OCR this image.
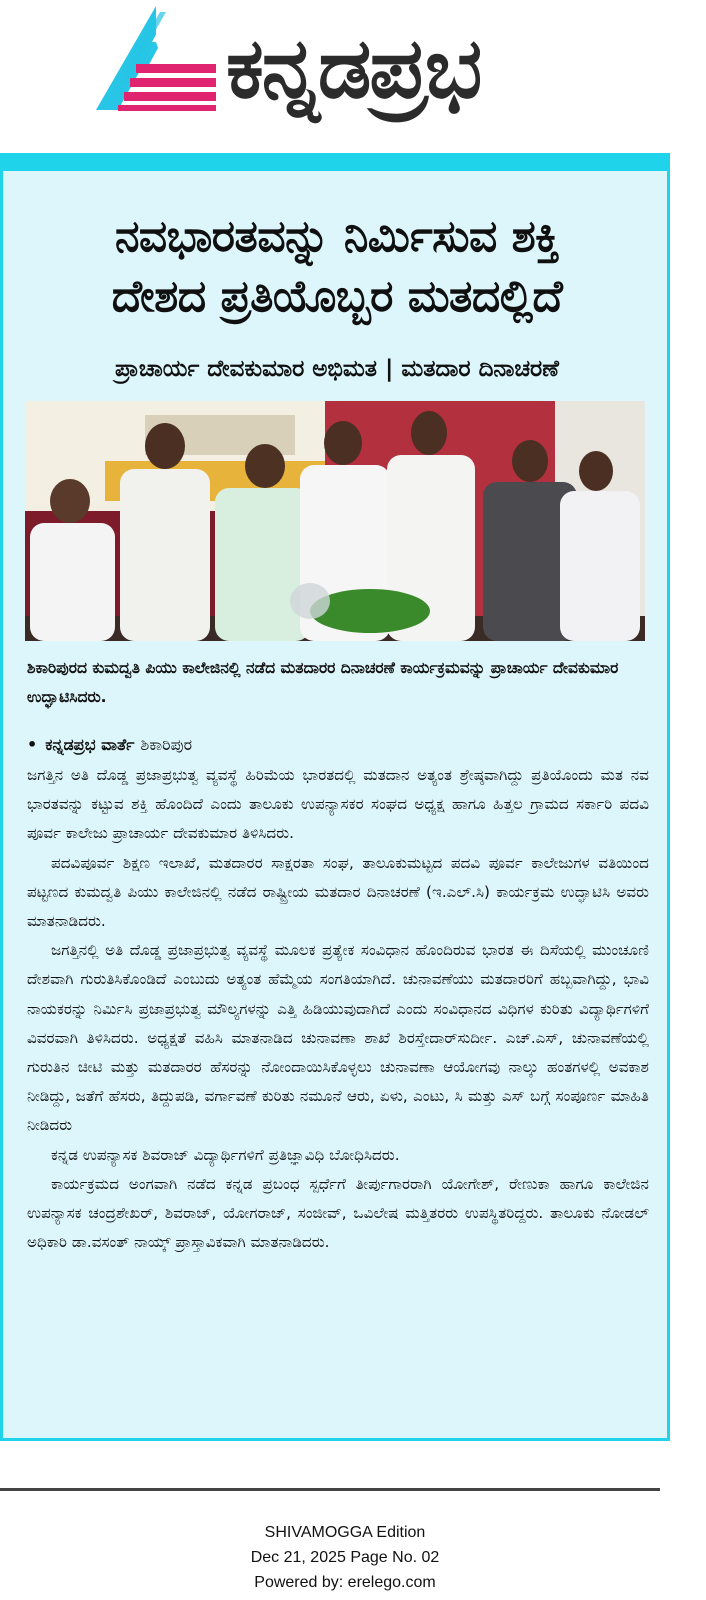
ಕನ್ನಡಪ್ರಭ
ನವಭಾರತವನ್ನು ನಿರ್ಮಿಸುವ ಶಕ್ತಿ
ದೇಶದ ಪ್ರತಿಯೊಬ್ಬರ ಮತದಲ್ಲಿದೆ
ಪ್ರಾಚಾರ್ಯ ದೇವಕುಮಾರ ಅಭಿಮತ | ಮತದಾರ ದಿನಾಚರಣೆ
ಶಿಕಾರಿಪುರದ ಕುಮದ್ವತಿ ಪಿಯು ಕಾಲೇಜಿನಲ್ಲಿ ನಡೆದ ಮತದಾರರ ದಿನಾಚರಣೆ ಕಾರ್ಯಕ್ರಮವನ್ನು ಪ್ರಾಚಾರ್ಯ ದೇವಕುಮಾರ ಉದ್ಘಾಟಿಸಿದರು.
• ಕನ್ನಡಪ್ರಭ ವಾರ್ತೆ ಶಿಕಾರಿಪುರ

ಜಗತ್ತಿನ ಅತಿ ದೊಡ್ಡ ಪ್ರಜಾಪ್ರಭುತ್ವ ವ್ಯವಸ್ಥೆ ಹಿರಿಮೆಯ ಭಾರತದಲ್ಲಿ ಮತದಾನ ಅತ್ಯಂತ ಶ್ರೇಷ್ಠವಾಗಿದ್ದು ಪ್ರತಿಯೊಂದು ಮತ ನವ ಭಾರತವನ್ನು ಕಟ್ಟುವ ಶಕ್ತಿ ಹೊಂದಿದೆ ಎಂದು ತಾಲೂಕು ಉಪನ್ಯಾಸಕರ ಸಂಘದ ಅಧ್ಯಕ್ಷ ಹಾಗೂ ಹಿತ್ತಲ ಗ್ರಾಮದ ಸರ್ಕಾರಿ ಪದವಿ ಪೂರ್ವ ಕಾಲೇಜು ಪ್ರಾಚಾರ್ಯ ದೇವಕುಮಾರ ತಿಳಿಸಿದರು.

ಪದವಿಪೂರ್ವ ಶಿಕ್ಷಣ ಇಲಾಖೆ, ಮತದಾರರ ಸಾಕ್ಷರತಾ ಸಂಘ, ತಾಲೂಕುಮಟ್ಟದ ಪದವಿ ಪೂರ್ವ ಕಾಲೇಜುಗಳ ವತಿಯಿಂದ ಪಟ್ಟಣದ ಕುಮದ್ವತಿ ಪಿಯು ಕಾಲೇಜಿನಲ್ಲಿ ನಡೆದ ರಾಷ್ಟ್ರೀಯ ಮತದಾರ ದಿನಾಚರಣೆ (ಇ.ಎಲ್.ಸಿ) ಕಾರ್ಯಕ್ರಮ ಉದ್ಘಾಟಿಸಿ ಅವರು ಮಾತನಾಡಿದರು.

ಜಗತ್ತಿನಲ್ಲಿ ಅತಿ ದೊಡ್ಡ ಪ್ರಜಾಪ್ರಭುತ್ವ ವ್ಯವಸ್ಥೆ ಮೂಲಕ ಪ್ರತ್ಯೇಕ ಸಂವಿಧಾನ ಹೊಂದಿರುವ ಭಾರತ ಈ ದಿಸೆಯಲ್ಲಿ ಮುಂಚೂಣಿ ದೇಶವಾಗಿ ಗುರುತಿಸಿಕೊಂಡಿದೆ ಎಂಬುದು ಅತ್ಯಂತ ಹೆಮ್ಮೆಯ ಸಂಗತಿಯಾಗಿದೆ. ಚುನಾವಣೆಯು ಮತದಾರರಿಗೆ ಹಬ್ಬವಾಗಿದ್ದು, ಭಾವಿ ನಾಯಕರನ್ನು ನಿರ್ಮಿಸಿ ಪ್ರಜಾಪ್ರಭುತ್ವ ಮೌಲ್ಯಗಳನ್ನು ಎತ್ತಿ ಹಿಡಿಯುವುದಾಗಿದೆ ಎಂದು ಸಂವಿಧಾನದ ವಿಧಿಗಳ ಕುರಿತು ವಿದ್ಯಾರ್ಥಿಗಳಿಗೆ ವಿವರವಾಗಿ ತಿಳಿಸಿದರು. ಅಧ್ಯಕ್ಷತೆ ವಹಿಸಿ ಮಾತನಾಡಿದ ಚುನಾವಣಾ ಶಾಖೆ ಶಿರಸ್ತೇದಾರ್‌ಸುರ್ದೀ. ಎಚ್.ಎಸ್, ಚುನಾವಣೆಯಲ್ಲಿ ಗುರುತಿನ ಚೀಟಿ ಮತ್ತು ಮತದಾರರ ಹೆಸರನ್ನು ನೋಂದಾಯಿಸಿಕೊಳ್ಳಲು ಚುನಾವಣಾ ಆಯೋಗವು ನಾಲ್ಕು ಹಂತಗಳಲ್ಲಿ ಅವಕಾಶ ನೀಡಿದ್ದು, ಜತೆಗೆ ಹೆಸರು, ತಿದ್ದುಪಡಿ, ವರ್ಗಾವಣೆ ಕುರಿತು ನಮೂನೆ ಆರು, ಏಳು, ಎಂಟು, ಸಿ ಮತ್ತು ಎಸ್ ಬಗ್ಗೆ ಸಂಪೂರ್ಣ ಮಾಹಿತಿ ನೀಡಿದರು

ಕನ್ನಡ ಉಪನ್ಯಾಸಕ ಶಿವರಾಜ್ ವಿದ್ಯಾರ್ಥಿಗಳಿಗೆ ಪ್ರತಿಜ್ಞಾವಿಧಿ ಬೋಧಿಸಿದರು.

ಕಾರ್ಯಕ್ರಮದ ಅಂಗವಾಗಿ ನಡೆದ ಕನ್ನಡ ಪ್ರಬಂಧ ಸ್ಪರ್ಧೆಗೆ ತೀರ್ಪುಗಾರರಾಗಿ ಯೋಗೇಶ್, ರೇಣುಕಾ ಹಾಗೂ ಕಾಲೇಜಿನ ಉಪನ್ಯಾಸಕ ಚಂದ್ರಶೇಖರ್, ಶಿವರಾಜ್, ಯೋಗರಾಜ್, ಸಂಜೀವ್, ಒವಿಲೇಷ ಮತ್ತಿತರರು ಉಪಸ್ಥಿತರಿದ್ದರು. ತಾಲೂಕು ನೋಡಲ್ ಅಧಿಕಾರಿ ಡಾ.ವಸಂತ್ ನಾಯ್ಕ್ ಪ್ರಾಸ್ತಾವಿಕವಾಗಿ ಮಾತನಾಡಿದರು.

SHIVAMOGGA Edition
Dec 21, 2025 Page No. 02
Powered by: erelego.com
